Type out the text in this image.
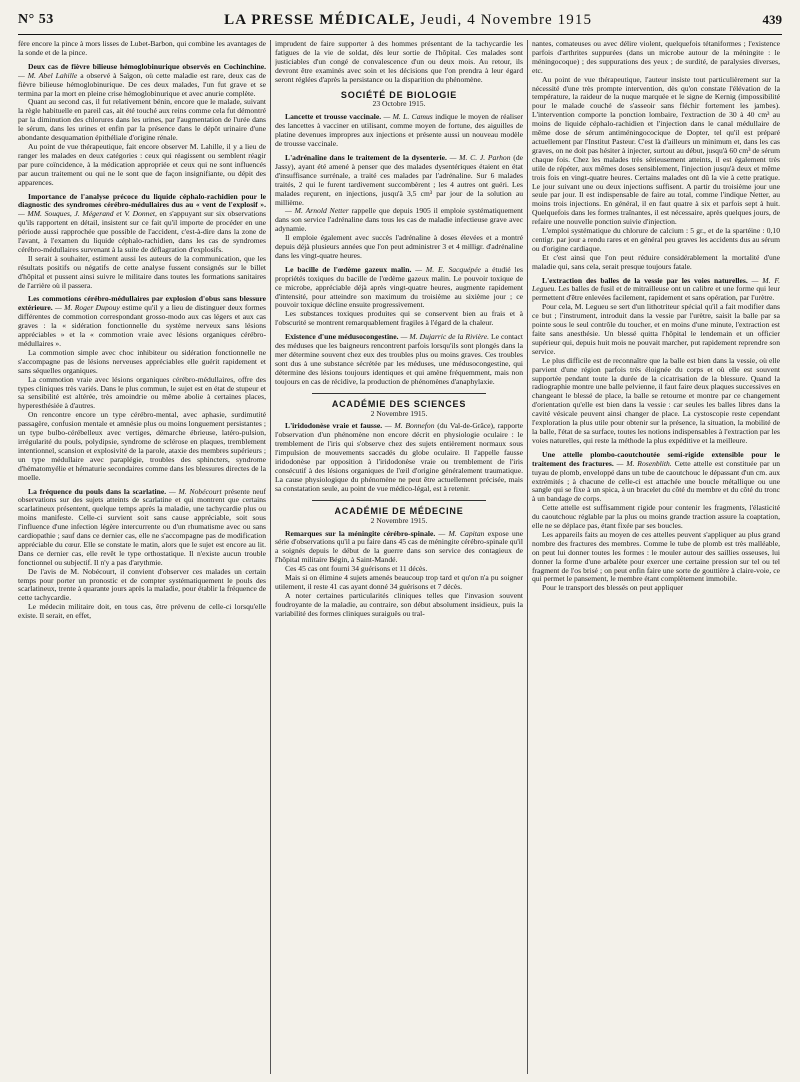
N° 53	LA PRESSE MÉDICALE, Jeudi, 4 Novembre 1915	439

fère encore la pince à mors lisses de Lubet-Barbon, qui combine les avantages de la sonde et de la pince.

Deux cas de fièvre bilieuse hémoglobinurique observés en Cochinchine. — M. Abel Lahille a observé à Saïgon, où cette maladie est rare, deux cas de fièvre bilieuse hémoglobinurique. De ces deux malades, l'un fut grave et se termina par la mort en pleine crise hémoglobinurique et avec anurie complète.

Quant au second cas, il fut relativement bénin, encore que le malade, suivant la règle habituelle en pareil cas, ait été touché aux reins comme cela fut démontré par la diminution des chlorures dans les urines, par l'augmentation de l'urée dans le sérum, dans les urines et enfin par la présence dans le dépôt urinaire d'une abondante desquamation épithéliale d'origine rénale.

Au point de vue thérapeutique, fait encore observer M. Lahille, il y a lieu de ranger les malades en deux catégories : ceux qui réagissent ou semblent réagir par pure coïncidence, à la médication appropriée et ceux qui ne sont influencés par aucun traitement ou qui ne le sont que de façon insignifiante, ou dépit des apparences.

Importance de l'analyse précoce du liquide céphalo-rachidien pour le diagnostic des syndromes cérébro-médullaires dus au « vent de l'explosif ». — MM. Souques, J. Mégerand et V. Donnet, en s'appuyant sur six observations qu'ils rapportent en détail, insistent sur ce fait qu'il importe de procéder en une période aussi rapprochée que possible de l'accident, c'est-à-dire dans la zone de l'avant, à l'examen du liquide céphalo-rachidien, dans les cas de syndromes cérébro-médullaires survenant à la suite de déflagration d'explosifs.

Il serait à souhaiter, estiment aussi les auteurs de la communication, que les résultats positifs ou négatifs de cette analyse fussent consignés sur le billet d'hôpital et pussent ainsi suivre le militaire dans toutes les formations sanitaires de l'arrière où il passera.

Les commotions cérébro-médullaires par explosion d'obus sans blessure extérieure. — M. Roger Dupouy estime qu'il y a lieu de distinguer deux formes différentes de commotion correspondant grosso-modo aux cas légers et aux cas graves : la « sidération fonctionnelle du système nerveux sans lésions appréciables » et la « commotion vraie avec lésions organiques cérébro-médullaires ».

La commotion simple avec choc inhibiteur ou sidération fonctionnelle ne s'accompagne pas de lésions nerveuses appréciables elle guérit rapidement et sans séquelles organiques.

La commotion vraie avec lésions organiques cérébro-médullaires, offre des types cliniques très variés. Dans le plus commun, le sujet est en état de stupeur et sa sensibilité est altérée, très amoindrie ou même abolie à certaines places, hyperesthésiée à d'autres.

On rencontre encore un type cérébro-mental, avec aphasie, surdimutité passagère, confusion mentale et amnésie plus ou moins longuement persistantes ; un type bulbo-cérébelleux avec vertiges, démarche ébrieuse, latéro-pulsion, irrégularité du pouls, polydipsie, syndrome de sclérose en plaques, tremblement intentionnel, scansion et explosivité de la parole, ataxie des membres supérieurs ; un type médullaire avec paraplégie, troubles des sphincters, syndrome d'hématomyélie et hématurie secondaires comme dans les blessures directes de la moelle.

La fréquence du pouls dans la scarlatine. — M. Nobécourt présente neuf observations sur des sujets atteints de scarlatine et qui montrent que certains scarlatineux présentent, quelque temps après la maladie, une tachycardie plus ou moins manifeste. Celle-ci survient soit sans cause appréciable, soit sous l'influence d'une infection légère intercurrente ou d'un rhumatisme avec ou sans cardiopathie ; sauf dans ce dernier cas, elle ne s'accompagne pas de modification appréciable du cœur. Elle se constate le matin, alors que le sujet est encore au lit. Dans ce dernier cas, elle revêt le type orthostatique. Il n'existe aucun trouble fonctionnel ou subjectif. Il n'y a pas d'arythmie.

De l'avis de M. Nobécourt, il convient d'observer ces malades un certain temps pour porter un pronostic et de compter systématiquement le pouls des scarlatineux, trente à quarante jours après la maladie, pour établir la fréquence de cette tachycardie.

Le médecin militaire doit, en tous cas, être prévenu de celle-ci lorsqu'elle existe. Il serait, en effet,

imprudent de faire supporter à des hommes présentant de la tachycardie les fatigues de la vie de soldat, dès leur sortie de l'hôpital. Ces malades sont justiciables d'un congé de convalescence d'un ou deux mois. Au retour, ils devront être examinés avec soin et les décisions que l'on prendra à leur égard seront réglées d'après la persistance ou la disparition du phénomène.

SOCIÉTÉ DE BIOLOGIE
23 Octobre 1915.

Lancette et trousse vaccinale. — M. L. Camus indique le moyen de réaliser des lancettes à vacciner en utilisant, comme moyen de fortune, des aiguilles de platine devenues impropres aux injections et présente aussi un nouveau modèle de trousse vaccinale.

L'adrénaline dans le traitement de la dysenterie. — M. C. J. Parhon (de Jassy), ayant été amené à penser que des malades dysentériques étaient en état d'insuffisance surrénale, a traité ces malades par l'adrénaline. Sur 6 malades traités, 2 qui le furent tardivement succombèrent ; les 4 autres ont guéri. Les malades reçurent, en injections, jusqu'à 3,5 cm³ par jour de la solution au millième.

— M. Arnold Netter rappelle que depuis 1905 il emploie systématiquement dans son service l'adrénaline dans tous les cas de maladie infectieuse grave avec adynamie.

Il emploie également avec succès l'adrénaline à doses élevées et a montré depuis déjà plusieurs années que l'on peut administrer 3 et 4 milligr. d'adrénaline dans les vingt-quatre heures.

Le bacille de l'œdème gazeux malin. — M. E. Sacquépée a étudié les propriétés toxiques du bacille de l'œdème gazeux malin. Le pouvoir toxique de ce microbe, appréciable déjà après vingt-quatre heures, augmente rapidement d'intensité, pour atteindre son maximum du troisième au sixième jour ; ce pouvoir toxique décline ensuite progressivement.

Les substances toxiques produites qui se conservent bien au frais et à l'obscurité se montrent remarquablement fragiles à l'égard de la chaleur.

Existence d'une médusocongestine. — M. Dujarric de la Rivière. Le contact des méduses que les baigneurs rencontrent parfois lorsqu'ils sont plongés dans la mer détermine souvent chez eux des troubles plus ou moins graves. Ces troubles sont dus à une substance sécrétée par les méduses, une médusocongestine, qui détermine des lésions toujours identiques et qui amène fréquemment, mais non toujours en cas de récidive, la production de phénomènes d'anaphylaxie.

ACADÉMIE DES SCIENCES
2 Novembre 1915.

L'iridodonèse vraie et fausse. — M. Bonnefon (du Val-de-Grâce), rapporte l'observation d'un phénomène non encore décrit en physiologie oculaire : le tremblement de l'iris qui s'observe chez des sujets entièrement normaux sous l'impulsion de mouvements saccadés du globe oculaire. Il l'appelle fausse iridodonèse par opposition à l'iridodonèse vraie ou tremblement de l'iris consécutif à des lésions organiques de l'œil d'origine généralement traumatique. La cause physiologique du phénomène ne peut être actuellement précisée, mais sa constatation seule, au point de vue médico-légal, est à retenir.

ACADÉMIE DE MÉDECINE
2 Novembre 1915.

Remarques sur la méningite cérébro-spinale. — M. Capitan expose une série d'observations qu'il a pu faire dans 45 cas de méningite cérébro-spinale qu'il a soignés depuis le début de la guerre dans son service des contagieux de l'hôpital militaire Bégin, à Saint-Mandé.

Ces 45 cas ont fourni 34 guérisons et 11 décès.

Mais si on élimine 4 sujets amenés beaucoup trop tard et qu'on n'a pu soigner utilement, il reste 41 cas ayant donné 34 guérisons et 7 décès.

A noter certaines particularités cliniques telles que l'invasion souvent foudroyante de la maladie, au contraire, son début absolument insidieux, puis la variabilité des formes cliniques suraiguës ou tral-

nantes, comateuses ou avec délire violent, quelquefois tétaniformes ; l'existence parfois d'arthrites suppurées (dans un microbe autour de la méningite : le méningocoque) ; des suppurations des yeux ; de surdité, de paralysies diverses, etc.

Au point de vue thérapeutique, l'auteur insiste tout particulièrement sur la nécessité d'une très prompte intervention, dès qu'on constate l'élévation de la température, la raideur de la nuque marquée et le signe de Kernig (impossibilité pour le malade couché de s'asseoir sans fléchir fortement les jambes). L'intervention comporte la ponction lombaire, l'extraction de 30 à 40 cm³ au moins de liquide céphalo-rachidien et l'injection dans le canal médullaire de même dose de sérum antiméningococique de Dopter, tel qu'il est préparé actuellement par l'Institut Pasteur. C'est là d'ailleurs un minimum et, dans les cas graves, on ne doit pas hésiter à injecter, surtout au début, jusqu'à 60 cm³ de sérum chaque fois. Chez les malades très sérieusement atteints, il est également très utile de répéter, aux mêmes doses sensiblement, l'injection jusqu'à deux et même trois fois en vingt-quatre heures. Certains malades ont dû la vie à cette pratique. Le jour suivant une ou deux injections suffisent. A partir du troisième jour une seule par jour. Il est indispensable de faire au total, comme l'indique Netter, au moins trois injections. En général, il en faut quatre à six et parfois sept à huit. Quelquefois dans les formes traînantes, il est nécessaire, après quelques jours, de refaire une nouvelle ponction suivie d'injection.

L'emploi systématique du chlorure de calcium : 5 gr., et de la spartéine : 0,10 centigr. par jour a rendu rares et en général peu graves les accidents dus au sérum ou d'origine cardiaque.

Et c'est ainsi que l'on peut réduire considérablement la mortalité d'une maladie qui, sans cela, serait presque toujours fatale.

L'extraction des balles de la vessie par les voies naturelles. — M. F. Legueu. Les balles de fusil et de mitrailleuse ont un calibre et une forme qui leur permettent d'être enlevées facilement, rapidement et sans opération, par l'urètre.

Pour cela, M. Legueu se sert d'un lithotriteur spécial qu'il a fait modifier dans ce but ; l'instrument, introduit dans la vessie par l'urètre, saisit la balle par sa pointe sous le seul contrôle du toucher, et en moins d'une minute, l'extraction est faite sans anesthésie. Un blessé quitta l'hôpital le lendemain et un officier supérieur qui, depuis huit mois ne pouvait marcher, put rapidement reprendre son service.

Le plus difficile est de reconnaître que la balle est bien dans la vessie, où elle parvient d'une région parfois très éloignée du corps et où elle est souvent supportée pendant toute la durée de la cicatrisation de la blessure. Quand la radiographie montre une balle pelvienne, il faut faire deux plaques successives en changeant le blessé de place, la balle se retourne et montre par ce changement d'orientation qu'elle est bien dans la vessie : car seules les balles libres dans la cavité vésicale peuvent ainsi changer de place. La cystoscopie reste cependant l'exploration la plus utile pour obtenir sur la présence, la situation, la mobilité de la balle, l'état de sa surface, toutes les notions indispensables à l'extraction par les voies naturelles, qui reste la méthode la plus expéditive et la meilleure.

Une attelle plombo-caoutchoutée semi-rigide extensible pour le traitement des fractures. — M. Rosenblith. Cette attelle est constituée par un tuyau de plomb, enveloppé dans un tube de caoutchouc le dépassant d'un cm. aux extrémités ; à chacune de celle-ci est attachée une boucle métallique ou une sangle qui se fixe à un spica, à un bracelet du côté du membre et du côté du tronc à un bandage de corps.

Cette attelle est suffisamment rigide pour contenir les fragments, l'élasticité du caoutchouc réglable par la plus ou moins grande traction assure la coaptation, elle ne se déplace pas, étant fixée par ses boucles.

Les appareils faits au moyen de ces attelles peuvent s'appliquer au plus grand nombre des fractures des membres. Comme le tube de plomb est très malléable, on peut lui donner toutes les formes : le mouler autour des saillies osseuses, lui donner la forme d'une arbalète pour exercer une certaine pression sur tel ou tel fragment de l'os brisé ; on peut enfin faire une sorte de gouttière à claire-voie, ce qui permet le pansement, le membre étant complètement immobile.

Pour le transport des blessés on peut appliquer
